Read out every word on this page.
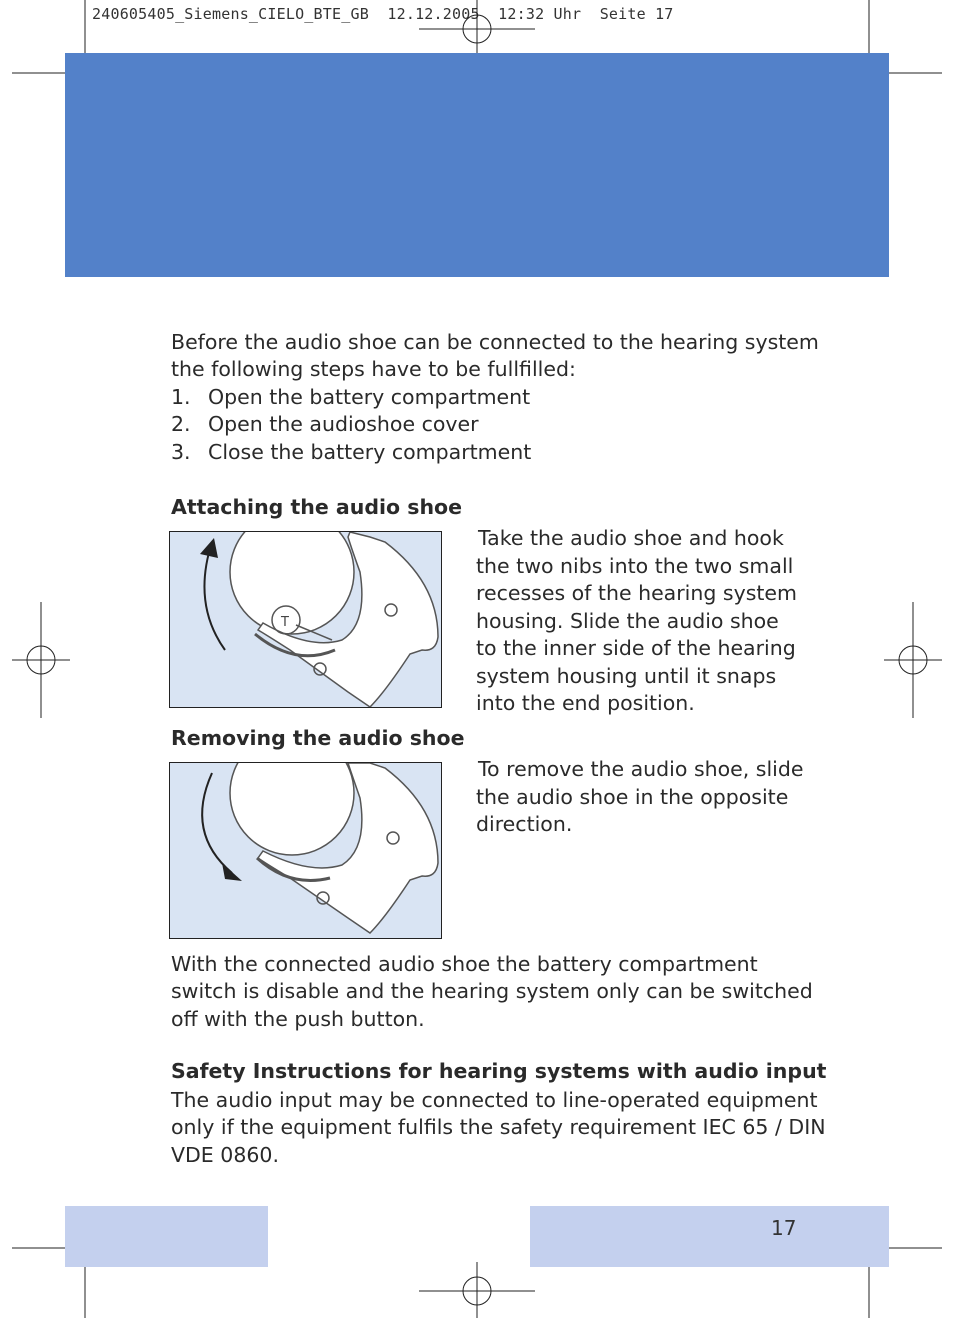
240605405_Siemens_CIELO_BTE_GB  12.12.2005  12:32 Uhr  Seite 17
Before the audio shoe can be connected to the hearing system
the following steps have to be fullfilled:
1. Open the battery compartment
2. Open the audioshoe cover
3. Close the battery compartment
Attaching the audio shoe
T
Take the audio shoe and hook
the two nibs into the two small
recesses of the hearing system
housing. Slide the audio shoe
to the inner side of the hearing
system housing until it snaps
into the end position.
Removing the audio shoe
To remove the audio shoe, slide
the audio shoe in the opposite
direction.
With the connected audio shoe the battery compartment
switch is disable and the hearing system only can be switched
off with the push button.
Safety Instructions for hearing systems with audio input
The audio input may be connected to line-operated equipment
only if the equipment fulfils the safety requirement IEC 65 / DIN
VDE 0860.
17
